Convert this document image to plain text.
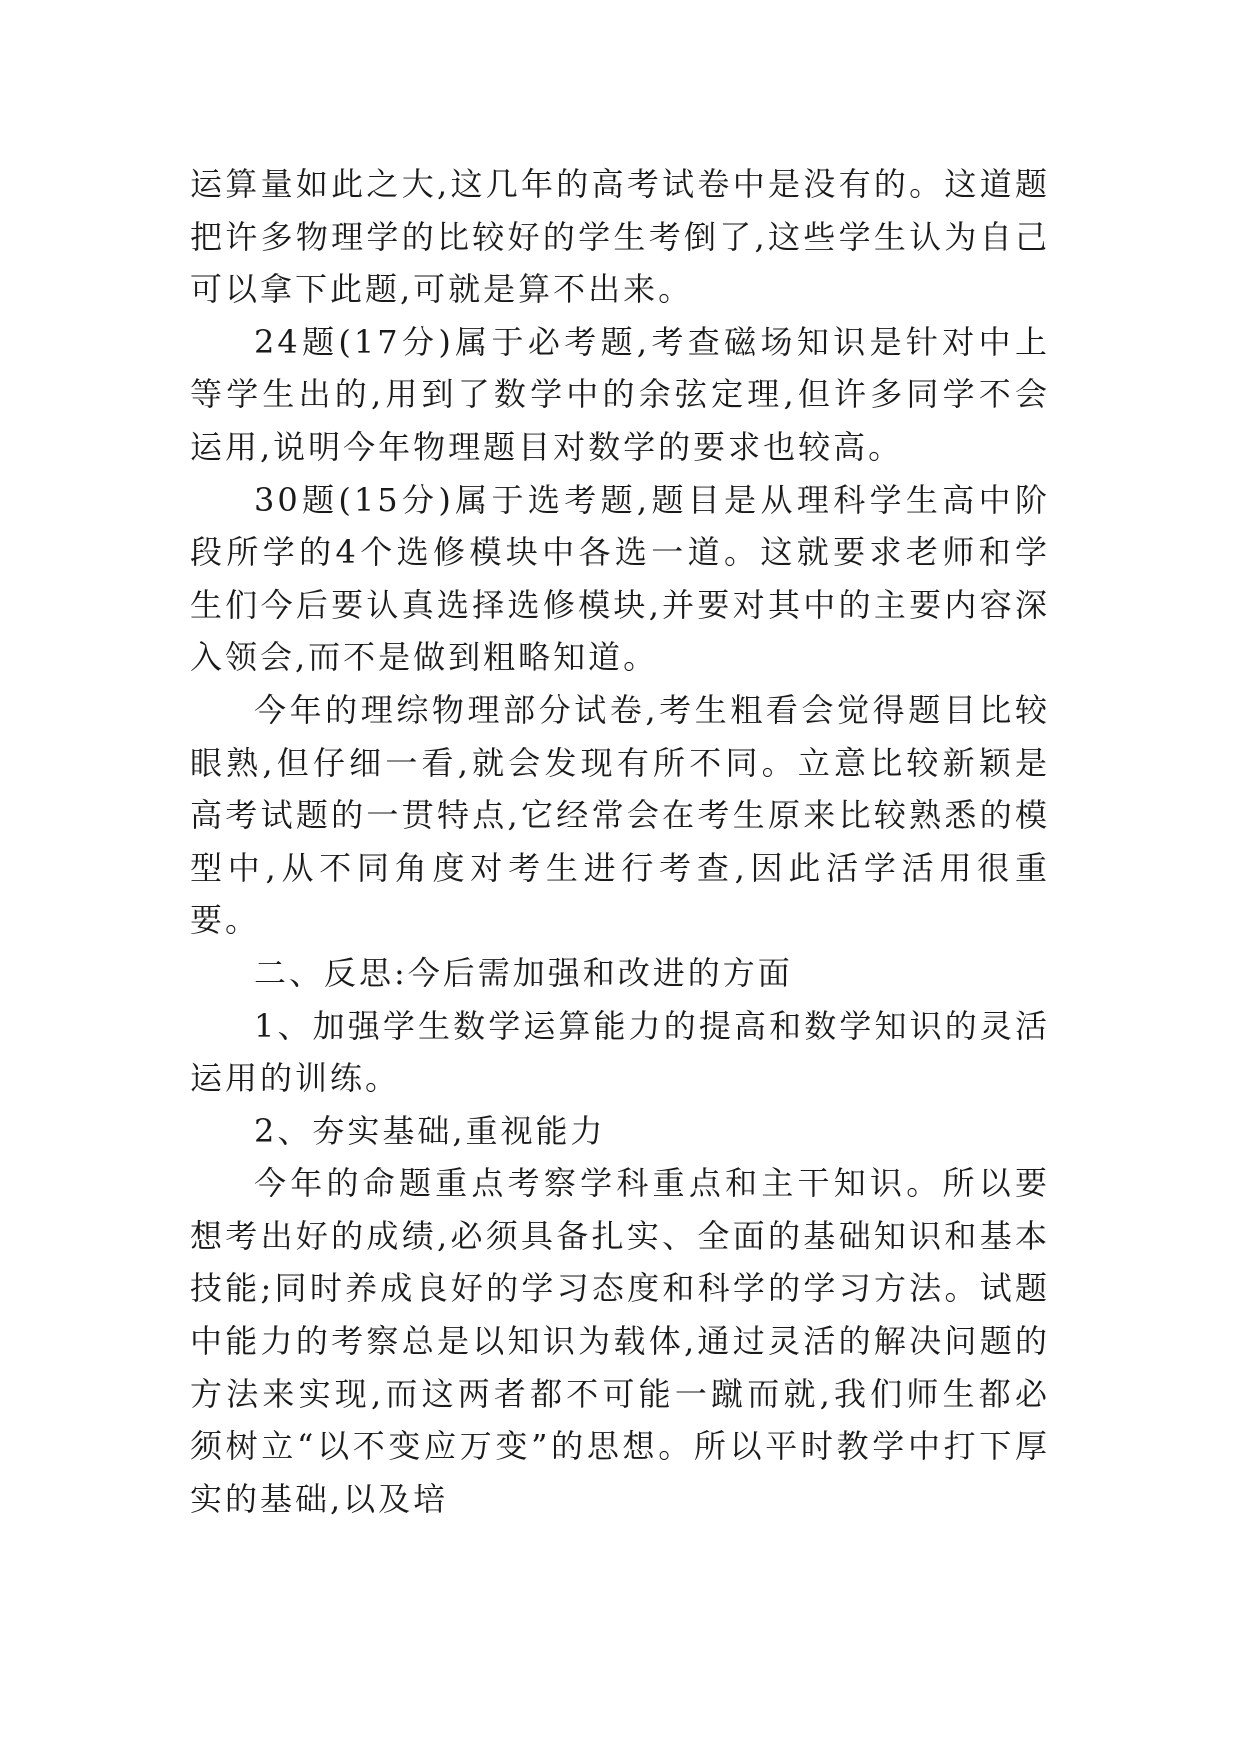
运算量如此之大,这几年的高考试卷中是没有的。这道题把许多物理学的比较好的学生考倒了,这些学生认为自己可以拿下此题,可就是算不出来。

24题(17分)属于必考题,考查磁场知识是针对中上等学生出的,用到了数学中的余弦定理,但许多同学不会运用,说明今年物理题目对数学的要求也较高。

30题(15分)属于选考题,题目是从理科学生高中阶段所学的4个选修模块中各选一道。这就要求老师和学生们今后要认真选择选修模块,并要对其中的主要内容深入领会,而不是做到粗略知道。

今年的理综物理部分试卷,考生粗看会觉得题目比较眼熟,但仔细一看,就会发现有所不同。立意比较新颖是高考试题的一贯特点,它经常会在考生原来比较熟悉的模型中,从不同角度对考生进行考查,因此活学活用很重要。

二、反思:今后需加强和改进的方面

1、加强学生数学运算能力的提高和数学知识的灵活运用的训练。

2、夯实基础,重视能力

今年的命题重点考察学科重点和主干知识。所以要想考出好的成绩,必须具备扎实、全面的基础知识和基本技能;同时养成良好的学习态度和科学的学习方法。试题中能力的考察总是以知识为载体,通过灵活的解决问题的方法来实现,而这两者都不可能一蹴而就,我们师生都必须树立“以不变应万变”的思想。所以平时教学中打下厚实的基础,以及培
